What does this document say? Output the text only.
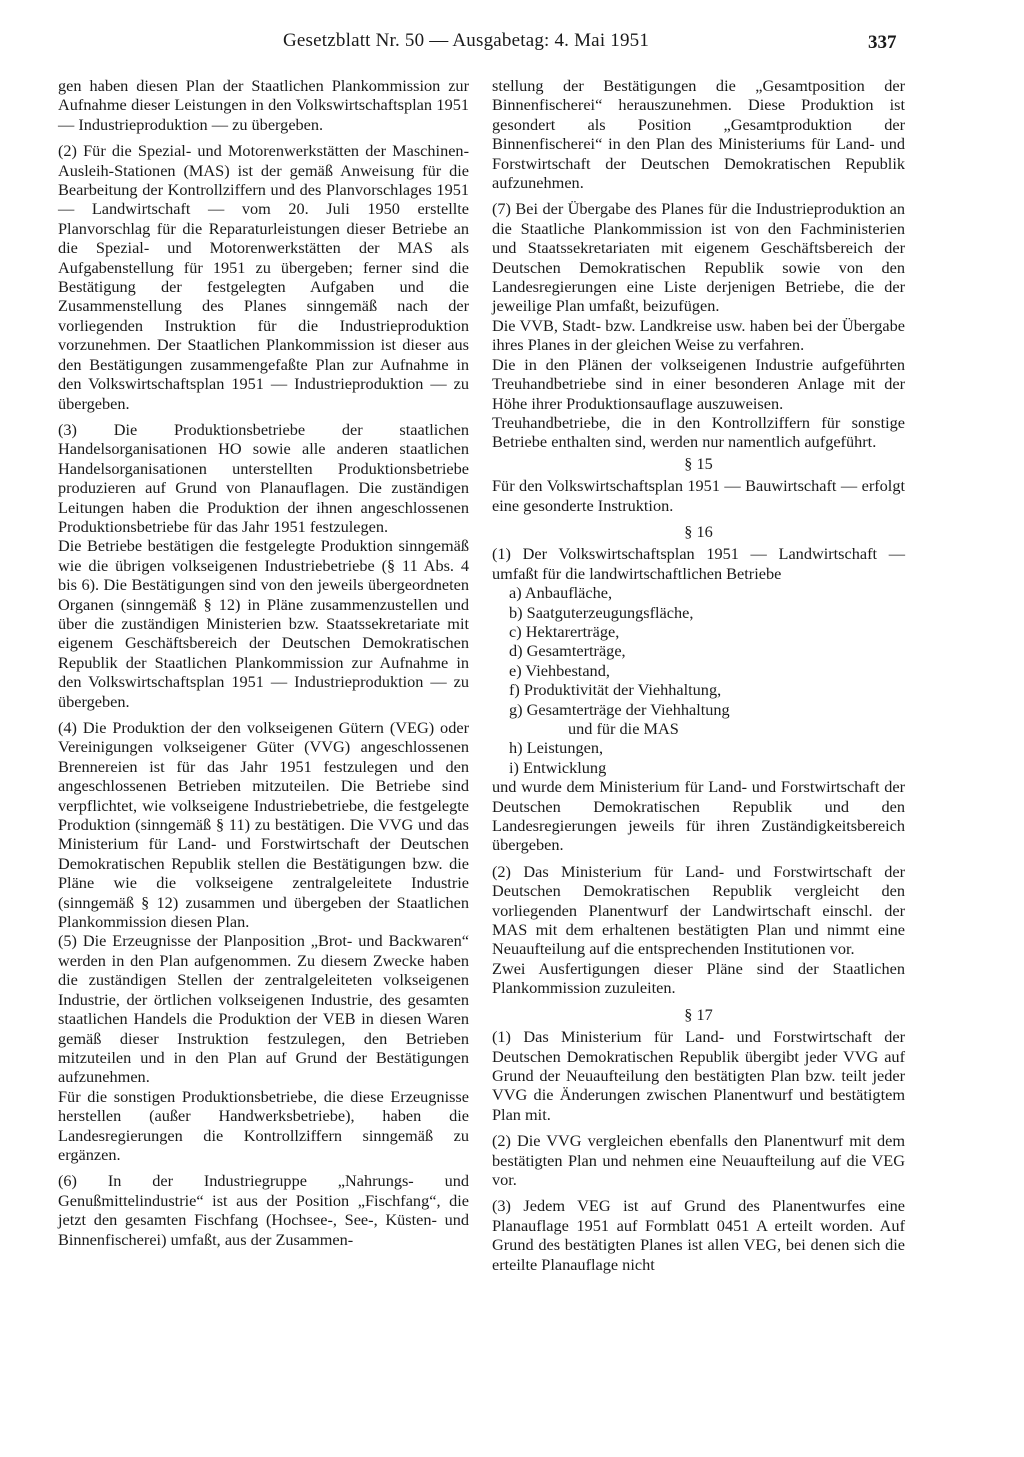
Gesetzblatt Nr. 50 — Ausgabetag: 4. Mai 1951	337

gen haben diesen Plan der Staatlichen Plankommission zur Aufnahme dieser Leistungen in den Volkswirtschaftsplan 1951 — Industrieproduktion — zu übergeben.

(2) Für die Spezial- und Motorenwerkstätten der Maschinen-Ausleih-Stationen (MAS) ist der gemäß Anweisung für die Bearbeitung der Kontrollziffern und des Planvorschlages 1951 — Landwirtschaft — vom 20. Juli 1950 erstellte Planvorschlag für die Reparaturleistungen dieser Betriebe an die Spezial- und Motorenwerkstätten der MAS als Aufgabenstellung für 1951 zu übergeben; ferner sind die Bestätigung der festgelegten Aufgaben und die Zusammenstellung des Planes sinngemäß nach der vorliegenden Instruktion für die Industrieproduktion vorzunehmen. Der Staatlichen Plankommission ist dieser aus den Bestätigungen zusammengefaßte Plan zur Aufnahme in den Volkswirtschaftsplan 1951 — Industrieproduktion — zu übergeben.

(3) Die Produktionsbetriebe der staatlichen Handelsorganisationen HO sowie alle anderen staatlichen Handelsorganisationen unterstellten Produktionsbetriebe produzieren auf Grund von Planauflagen. Die zuständigen Leitungen haben die Produktion der ihnen angeschlossenen Produktionsbetriebe für das Jahr 1951 festzulegen.

Die Betriebe bestätigen die festgelegte Produktion sinngemäß wie die übrigen volkseigenen Industriebetriebe (§ 11 Abs. 4 bis 6). Die Bestätigungen sind von den jeweils übergeordneten Organen (sinngemäß § 12) in Pläne zusammenzustellen und über die zuständigen Ministerien bzw. Staatssekretariate mit eigenem Geschäftsbereich der Deutschen Demokratischen Republik der Staatlichen Plankommission zur Aufnahme in den Volkswirtschaftsplan 1951 — Industrieproduktion — zu übergeben.

(4) Die Produktion der den volkseigenen Gütern (VEG) oder Vereinigungen volkseigener Güter (VVG) angeschlossenen Brennereien ist für das Jahr 1951 festzulegen und den angeschlossenen Betrieben mitzuteilen. Die Betriebe sind verpflichtet, wie volkseigene Industriebetriebe, die festgelegte Produktion (sinngemäß § 11) zu bestätigen. Die VVG und das Ministerium für Land- und Forstwirtschaft der Deutschen Demokratischen Republik stellen die Bestätigungen bzw. die Pläne wie die volkseigene zentralgeleitete Industrie (sinngemäß § 12) zusammen und übergeben der Staatlichen Plankommission diesen Plan.

(5) Die Erzeugnisse der Planposition „Brot- und Backwaren“ werden in den Plan aufgenommen. Zu diesem Zwecke haben die zuständigen Stellen der zentralgeleiteten volkseigenen Industrie, der örtlichen volkseigenen Industrie, des gesamten staatlichen Handels die Produktion der VEB in diesen Waren gemäß dieser Instruktion festzulegen, den Betrieben mitzuteilen und in den Plan auf Grund der Bestätigungen aufzunehmen.

Für die sonstigen Produktionsbetriebe, die diese Erzeugnisse herstellen (außer Handwerksbetriebe), haben die Landesregierungen die Kontrollziffern sinngemäß zu ergänzen.

(6) In der Industriegruppe „Nahrungs- und Genußmittelindustrie“ ist aus der Position „Fischfang“, die jetzt den gesamten Fischfang (Hochsee-, See-, Küsten- und Binnenfischerei) umfaßt, aus der Zusammen-

stellung der Bestätigungen die „Gesamtposition der Binnenfischerei“ herauszunehmen. Diese Produktion ist gesondert als Position „Gesamtproduktion der Binnenfischerei“ in den Plan des Ministeriums für Land- und Forstwirtschaft der Deutschen Demokratischen Republik aufzunehmen.

(7) Bei der Übergabe des Planes für die Industrieproduktion an die Staatliche Plankommission ist von den Fachministerien und Staatssekretariaten mit eigenem Geschäftsbereich der Deutschen Demokratischen Republik sowie von den Landesregierungen eine Liste derjenigen Betriebe, die der jeweilige Plan umfaßt, beizufügen.

Die VVB, Stadt- bzw. Landkreise usw. haben bei der Übergabe ihres Planes in der gleichen Weise zu verfahren.

Die in den Plänen der volkseigenen Industrie aufgeführten Treuhandbetriebe sind in einer besonderen Anlage mit der Höhe ihrer Produktionsauflage auszuweisen.

Treuhandbetriebe, die in den Kontrollziffern für sonstige Betriebe enthalten sind, werden nur namentlich aufgeführt.

§ 15

Für den Volkswirtschaftsplan 1951 — Bauwirtschaft — erfolgt eine gesonderte Instruktion.

§ 16

(1) Der Volkswirtschaftsplan 1951 — Landwirtschaft — umfaßt für die landwirtschaftlichen Betriebe

a) Anbaufläche,
b) Saatguterzeugungsfläche,
c) Hektarerträge,
d) Gesamterträge,
e) Viehbestand,
f) Produktivität der Viehhaltung,
g) Gesamterträge der Viehhaltung
und für die MAS
h) Leistungen,
i) Entwicklung

und wurde dem Ministerium für Land- und Forstwirtschaft der Deutschen Demokratischen Republik und den Landesregierungen jeweils für ihren Zuständigkeitsbereich übergeben.

(2) Das Ministerium für Land- und Forstwirtschaft der Deutschen Demokratischen Republik vergleicht den vorliegenden Planentwurf der Landwirtschaft einschl. der MAS mit dem erhaltenen bestätigten Plan und nimmt eine Neuaufteilung auf die entsprechenden Institutionen vor.

Zwei Ausfertigungen dieser Pläne sind der Staatlichen Plankommission zuzuleiten.

§ 17

(1) Das Ministerium für Land- und Forstwirtschaft der Deutschen Demokratischen Republik übergibt jeder VVG auf Grund der Neuaufteilung den bestätigten Plan bzw. teilt jeder VVG die Änderungen zwischen Planentwurf und bestätigtem Plan mit.

(2) Die VVG vergleichen ebenfalls den Planentwurf mit dem bestätigten Plan und nehmen eine Neuaufteilung auf die VEG vor.

(3) Jedem VEG ist auf Grund des Planentwurfes eine Planauflage 1951 auf Formblatt 0451 A erteilt worden. Auf Grund des bestätigten Planes ist allen VEG, bei denen sich die erteilte Planauflage nicht
